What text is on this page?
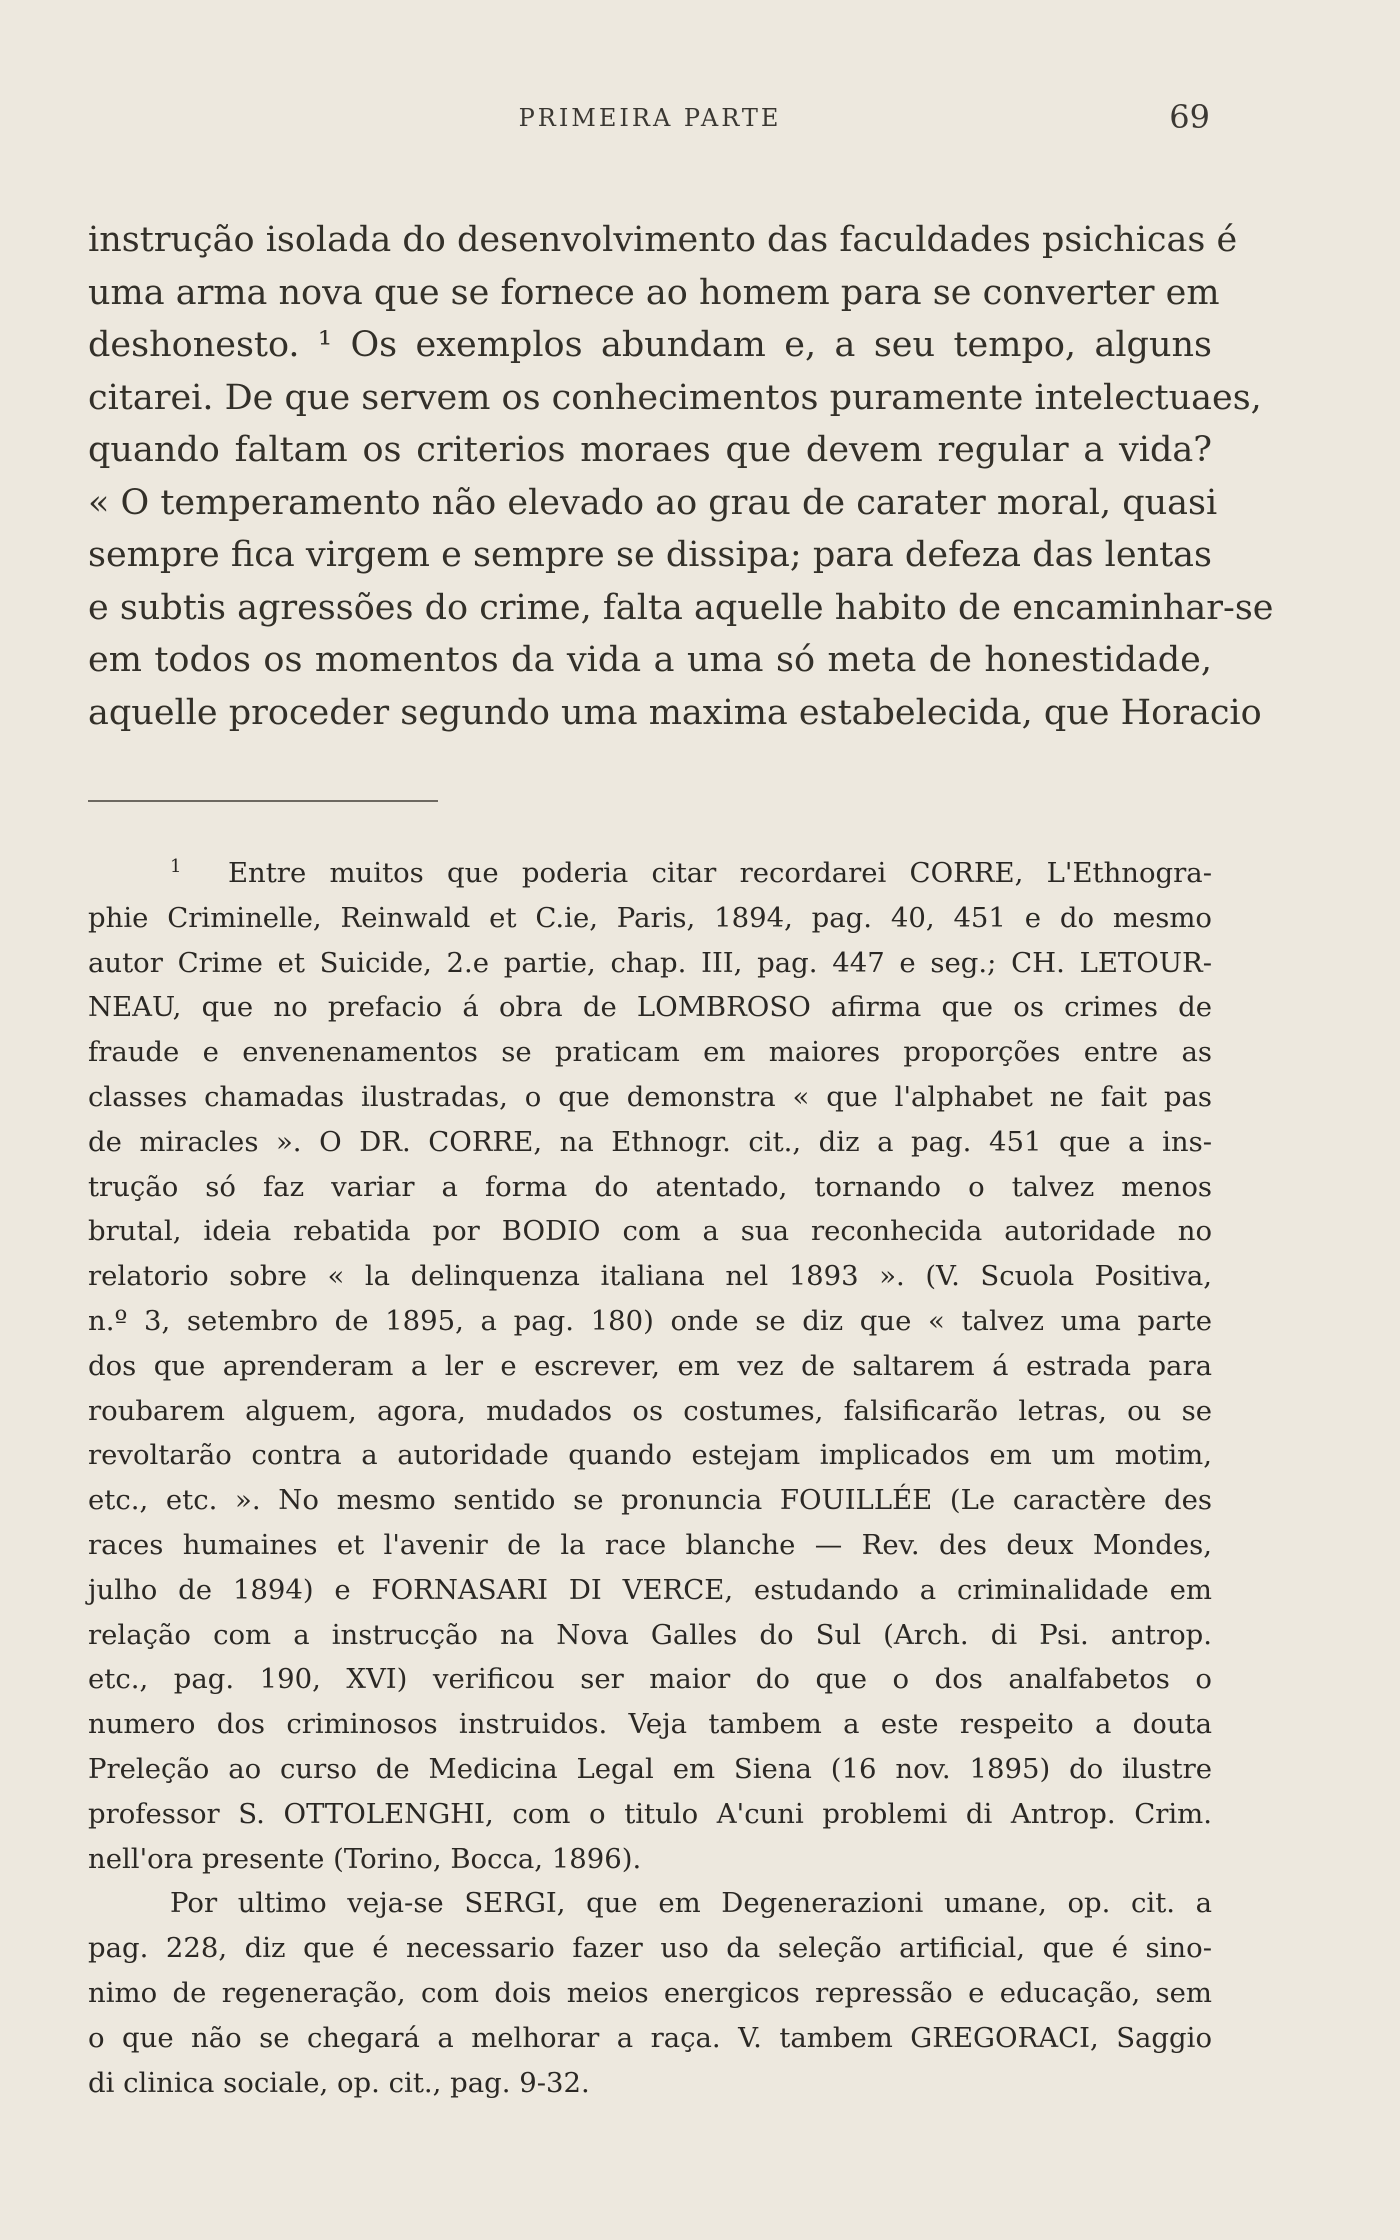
PRIMEIRA PARTE	69
instrução isolada do desenvolvimento das faculdades psichicas é
uma arma nova que se fornece ao homem para se converter em
deshonesto. ¹ Os exemplos abundam e, a seu tempo, alguns
citarei. De que servem os conhecimentos puramente intelectuaes,
quando faltam os criterios moraes que devem regular a vida?
« O temperamento não elevado ao grau de carater moral, quasi
sempre fica virgem e sempre se dissipa; para defeza das lentas
e subtis agressões do crime, falta aquelle habito de encaminhar-se
em todos os momentos da vida a uma só meta de honestidade,
aquelle proceder segundo uma maxima estabelecida, que Horacio
$^1$ Entre muitos que poderia citar recordarei CORRE, L'Ethnogra-
phie Criminelle, Reinwald et C.ie, Paris, 1894, pag. 40, 451 e do mesmo
autor Crime et Suicide, 2.e partie, chap. III, pag. 447 e seg.; CH. LETOUR-
NEAU, que no prefacio á obra de LOMBROSO afirma que os crimes de
fraude e envenenamentos se praticam em maiores proporções entre as
classes chamadas ilustradas, o que demonstra « que l'alphabet ne fait pas
de miracles ». O DR. CORRE, na Ethnogr. cit., diz a pag. 451 que a ins-
trução só faz variar a forma do atentado, tornando o talvez menos
brutal, ideia rebatida por BODIO com a sua reconhecida autoridade no
relatorio sobre « la delinquenza italiana nel 1893 ». (V. Scuola Positiva,
n.º 3, setembro de 1895, a pag. 180) onde se diz que « talvez uma parte
dos que aprenderam a ler e escrever, em vez de saltarem á estrada para
roubarem alguem, agora, mudados os costumes, falsificarão letras, ou se
revoltarão contra a autoridade quando estejam implicados em um motim,
etc., etc. ». No mesmo sentido se pronuncia FOUILLÉE (Le caractère des
races humaines et l'avenir de la race blanche — Rev. des deux Mondes,
julho de 1894) e FORNASARI DI VERCE, estudando a criminalidade em
relação com a instrucção na Nova Galles do Sul (Arch. di Psi. antrop.
etc., pag. 190, XVI) verificou ser maior do que o dos analfabetos o
numero dos criminosos instruidos. Veja tambem a este respeito a douta
Preleção ao curso de Medicina Legal em Siena (16 nov. 1895) do ilustre
professor S. OTTOLENGHI, com o titulo A'cuni problemi di Antrop. Crim.
nell'ora presente (Torino, Bocca, 1896).
Por ultimo veja-se SERGI, que em Degenerazioni umane, op. cit. a
pag. 228, diz que é necessario fazer uso da seleção artificial, que é sino-
nimo de regeneração, com dois meios energicos repressão e educação, sem
o que não se chegará a melhorar a raça. V. tambem GREGORACI, Saggio
di clinica sociale, op. cit., pag. 9-32.
